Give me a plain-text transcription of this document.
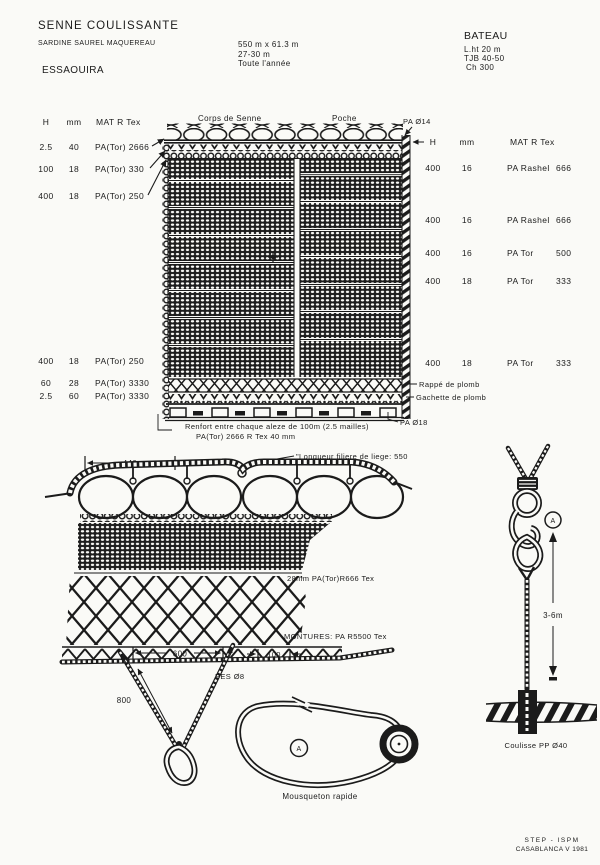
SENNE COULISSANTE
SARDINE SAUREL MAQUEREAU
ESSAOUIRA
550 m x 61.3 m
27-30 m
Toute l'année
BATEAU
L.ht 20 m
TJB 40-50
Ch 300
H mm MAT R Tex
2.5 40 PA(Tor) 2666
100 18 PA(Tor) 330
400 18 PA(Tor) 250
400 18 PA(Tor) 250
60 28 PA(Tor) 3330
2.5 60 PA(Tor) 3330
PA Ø14
H	mm	MAT R Tex
400 16	PA Rashel 666
400 16	PA Rashel 666
400 16	PA Tor	500
400 18	PA Tor	333
400 18	PA Tor	333
Corps de Senne	Poche
Rappé de plomb
Gachette de plomb
PA Ø18
Renfort entre chaque aleze de 100m (2.5 mailles)
PA(Tor) 2666 R Tex 40 mm
440
"Longueur filiere de liege: 550
28mm PA(Tor)R666 Tex
MONTURES: PA R5500 Tex
600	100
800
PES Ø8
A
Mousqueton rapide
A
3-6m
Coulisse PP Ø40
STEP - ISPM
CASABLANCA V 1981
